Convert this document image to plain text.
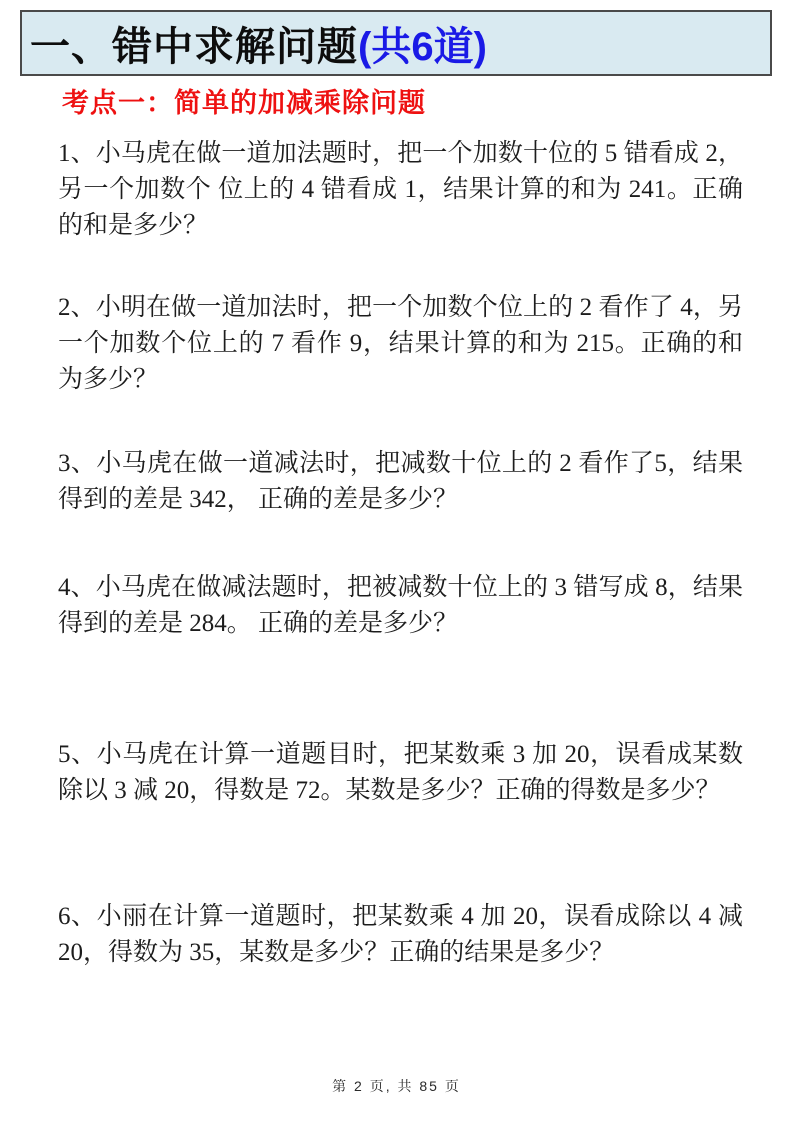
一、错中求解问题 (共6道)
考点一：简单的加减乘除问题

1、小马虎在做一道加法题时，把一个加数十位的 5 错看成 2，另一个加数个 位上的 4 错看成 1，结果计算的和为 241。正确的和是多少？

2、小明在做一道加法时，把一个加数个位上的 2 看作了 4，另一个加数个位上的 7 看作 9，结果计算的和为 215。正确的和为多少？

3、小马虎在做一道减法时，把减数十位上的 2 看作了5，结果得到的差是 342， 正确的差是多少？

4、小马虎在做减法题时，把被减数十位上的 3 错写成 8，结果得到的差是 284。 正确的差是多少？

5、小马虎在计算一道题目时，把某数乘 3 加 20，误看成某数除以 3 减 20，得数是 72。某数是多少？正确的得数是多少？

6、小丽在计算一道题时，把某数乘 4 加 20，误看成除以 4 减 20，得数为 35，某数是多少？正确的结果是多少？

第 2 页, 共 85 页
